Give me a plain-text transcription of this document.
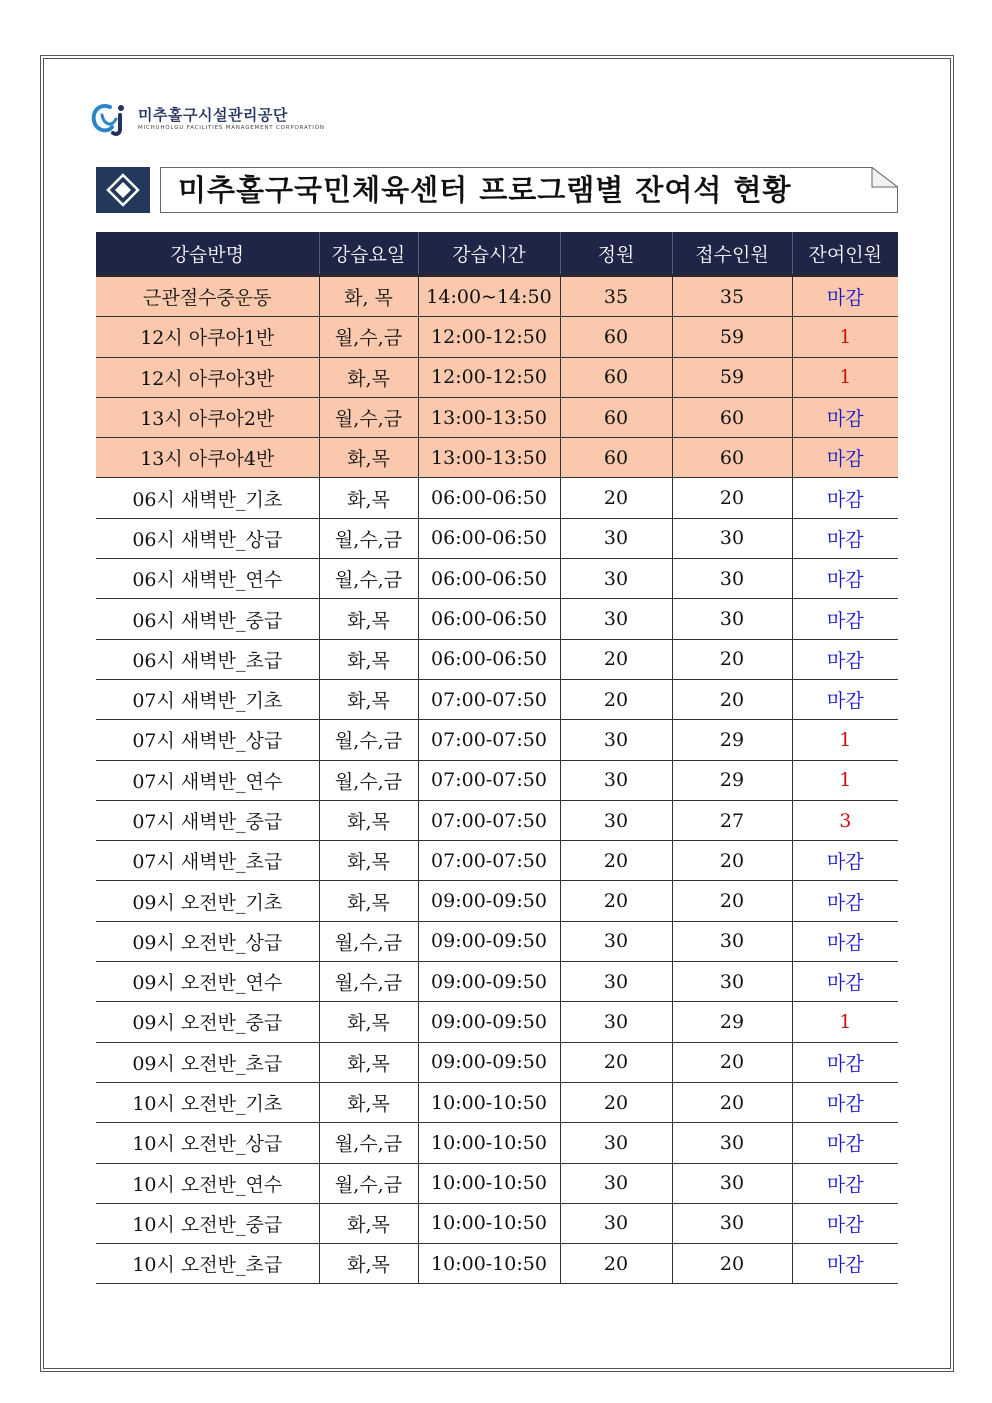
미추홀구시설관리공단
MICHUHOLGU FACILITIES MANAGEMENT CORPORATION
미추홀구국민체육센터 프로그램별 잔여석 현황
강습반명	강습요일	강습시간	정원	접수인원	잔여인원
근관절수중운동	화, 목	14:00~14:50	35	35	마감
12시 아쿠아1반	월,수,금	12:00-12:50	60	59	1
12시 아쿠아3반	화,목	12:00-12:50	60	59	1
13시 아쿠아2반	월,수,금	13:00-13:50	60	60	마감
13시 아쿠아4반	화,목	13:00-13:50	60	60	마감
06시 새벽반_기초	화,목	06:00-06:50	20	20	마감
06시 새벽반_상급	월,수,금	06:00-06:50	30	30	마감
06시 새벽반_연수	월,수,금	06:00-06:50	30	30	마감
06시 새벽반_중급	화,목	06:00-06:50	30	30	마감
06시 새벽반_초급	화,목	06:00-06:50	20	20	마감
07시 새벽반_기초	화,목	07:00-07:50	20	20	마감
07시 새벽반_상급	월,수,금	07:00-07:50	30	29	1
07시 새벽반_연수	월,수,금	07:00-07:50	30	29	1
07시 새벽반_중급	화,목	07:00-07:50	30	27	3
07시 새벽반_초급	화,목	07:00-07:50	20	20	마감
09시 오전반_기초	화,목	09:00-09:50	20	20	마감
09시 오전반_상급	월,수,금	09:00-09:50	30	30	마감
09시 오전반_연수	월,수,금	09:00-09:50	30	30	마감
09시 오전반_중급	화,목	09:00-09:50	30	29	1
09시 오전반_초급	화,목	09:00-09:50	20	20	마감
10시 오전반_기초	화,목	10:00-10:50	20	20	마감
10시 오전반_상급	월,수,금	10:00-10:50	30	30	마감
10시 오전반_연수	월,수,금	10:00-10:50	30	30	마감
10시 오전반_중급	화,목	10:00-10:50	30	30	마감
10시 오전반_초급	화,목	10:00-10:50	20	20	마감
